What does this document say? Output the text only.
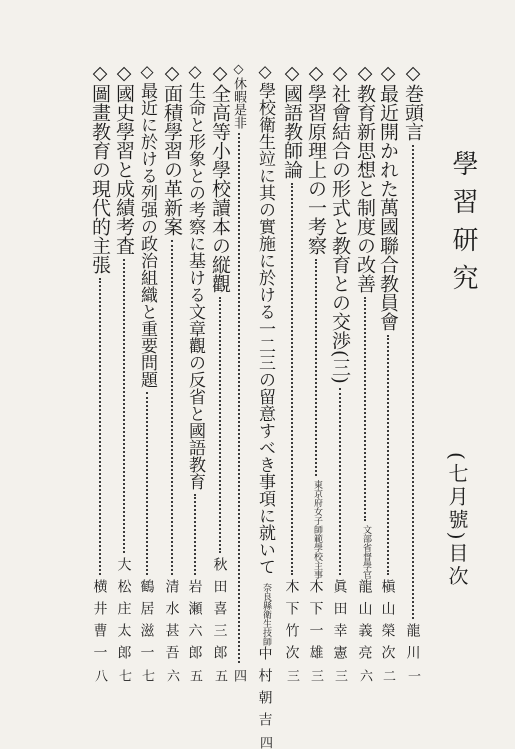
學習研究
(七月號)目次
◇巻頭言
龍川
一
◇最近開かれた萬國聯合教員會
槇山榮次
二
◇教育新思想と制度の改善
文部省督學官
龍山義亮
六
◇社會結合の形式と教育との交渉(三)
眞田幸憲
三
◇學習原理上の一考察
東京府女子師範學校主事
木下一雄
三
◇國語教師論
木下竹次
三
◇學校衛生竝に其の實施に於ける一二三の留意すべき事項に就いて
奈良縣衛生技師
中村朝吉
四
◇休暇是非
四
◇全高等小學校讀本の縦觀
秋田喜三郎
五
◇生命と形象との考察に基ける文章觀の反省と國語教育
岩瀬六郎
五
◇面積學習の革新案
清水甚吾
六
◇最近に於ける列强の政治組織と重要問題
鶴居滋一
七
◇國史學習と成績考査
大松庄太郎
七
◇圖畫教育の現代的主張
横井曹一
八
